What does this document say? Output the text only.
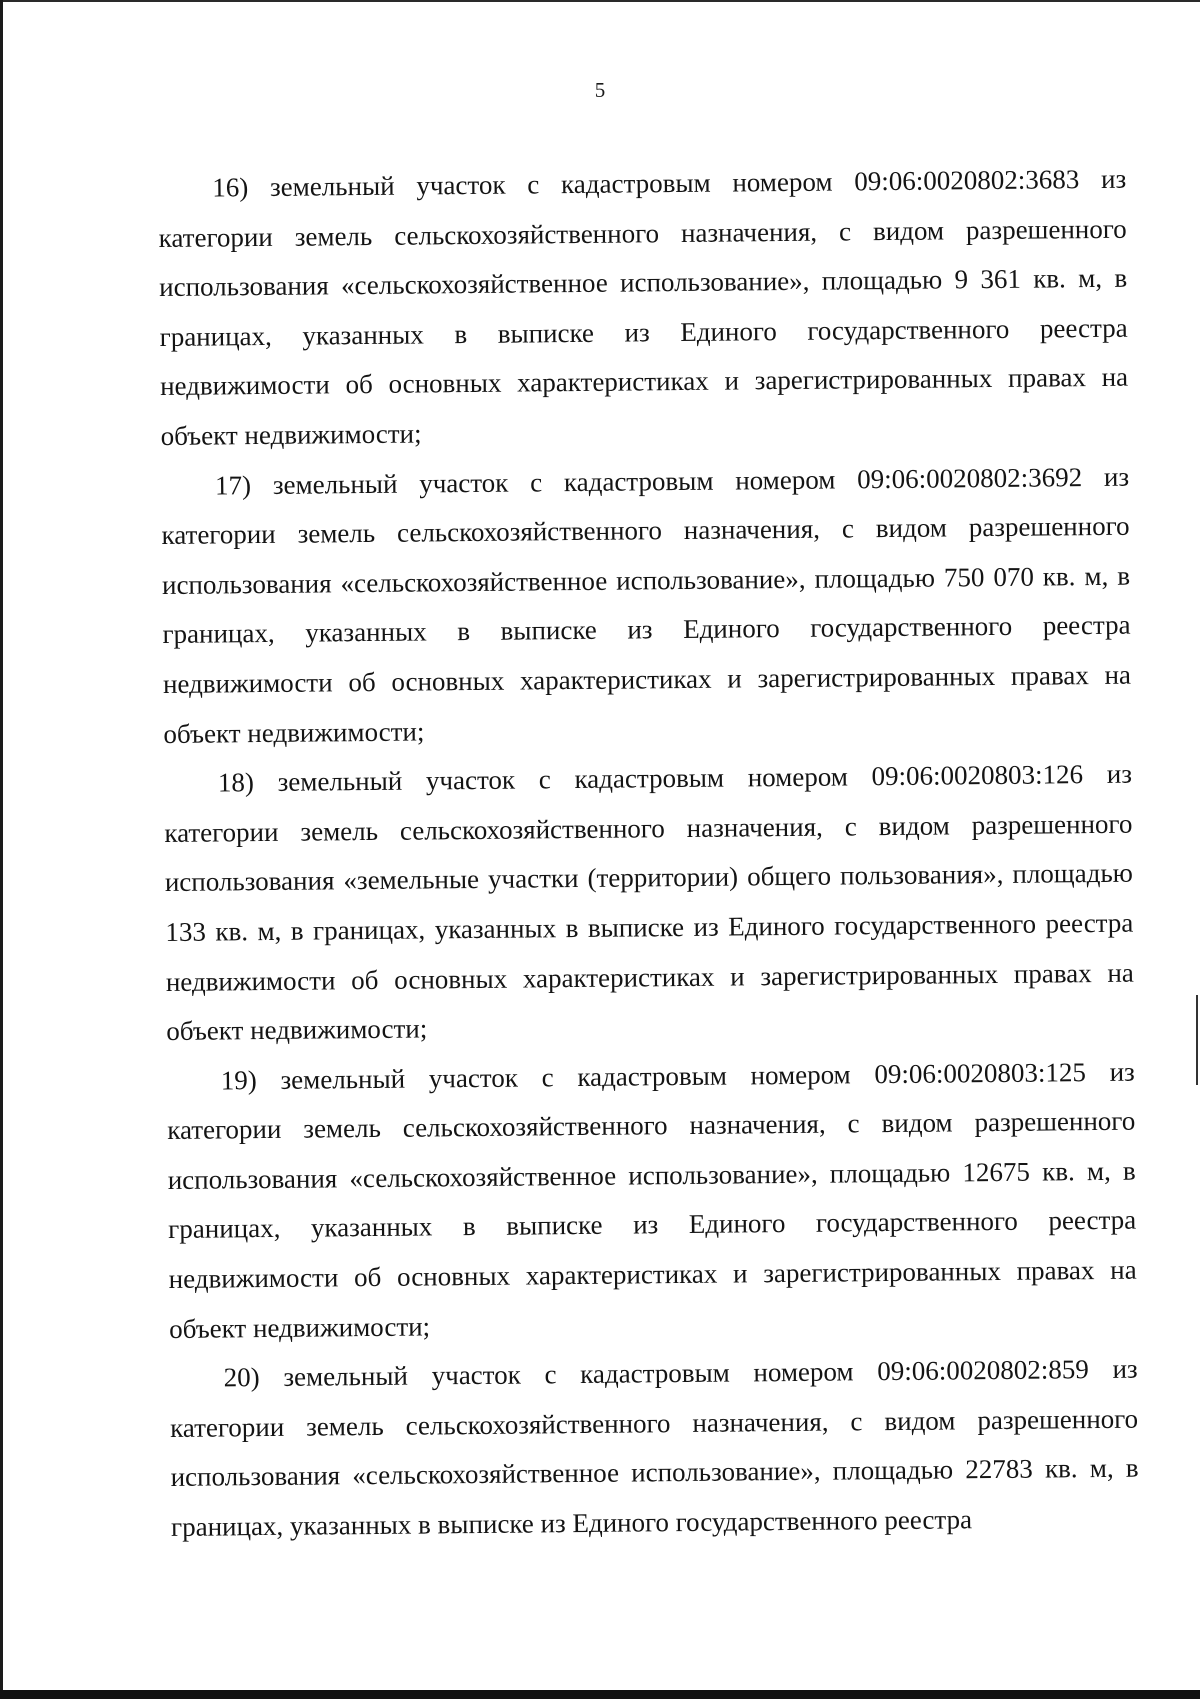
5

16) земельный участок с кадастровым номером 09:06:0020802:3683 из категории земель сельскохозяйственного назначения, с видом разрешенного использования «сельскохозяйственное использование», площадью 9 361 кв. м, в границах, указанных в выписке из Единого государственного реестра недвижимости об основных характеристиках и зарегистрированных правах на объект недвижимости;

17) земельный участок с кадастровым номером 09:06:0020802:3692 из категории земель сельскохозяйственного назначения, с видом разрешенного использования «сельскохозяйственное использование», площадью 750 070 кв. м, в границах, указанных в выписке из Единого государственного реестра недвижимости об основных характеристиках и зарегистрированных правах на объект недвижимости;

18) земельный участок с кадастровым номером 09:06:0020803:126 из категории земель сельскохозяйственного назначения, с видом разрешенного использования «земельные участки (территории) общего пользования», площадью 133 кв. м, в границах, указанных в выписке из Единого государственного реестра недвижимости об основных характеристиках и зарегистрированных правах на объект недвижимости;

19) земельный участок с кадастровым номером 09:06:0020803:125 из категории земель сельскохозяйственного назначения, с видом разрешенного использования «сельскохозяйственное использование», площадью 12675 кв. м, в границах, указанных в выписке из Единого государственного реестра недвижимости об основных характеристиках и зарегистрированных правах на объект недвижимости;

20) земельный участок с кадастровым номером 09:06:0020802:859 из категории земель сельскохозяйственного назначения, с видом разрешенного использования «сельскохозяйственное использование», площадью 22783 кв. м, в границах, указанных в выписке из Единого государственного реестра
